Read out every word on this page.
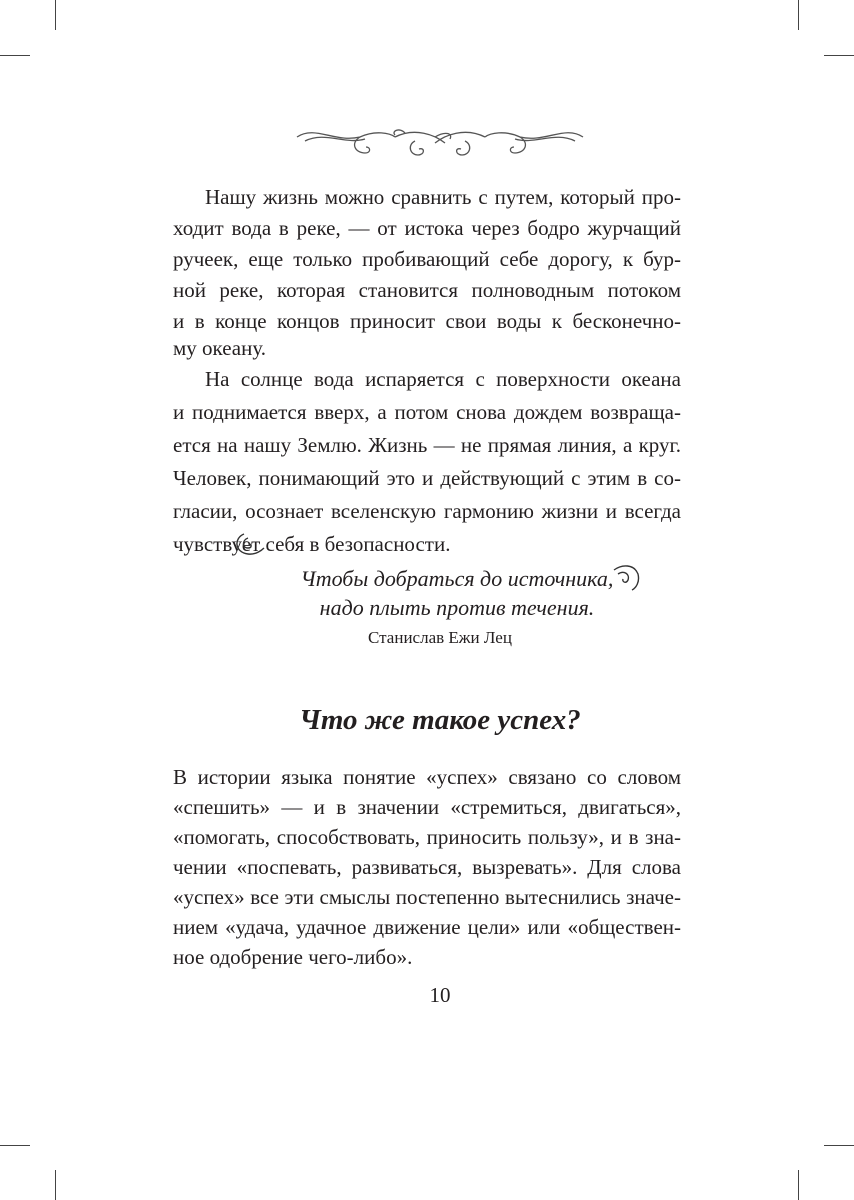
Нашу жизнь можно сравнить с путем, который про-
ходит вода в реке, — от истока через бодро журчащий
ручеек, еще только пробивающий себе дорогу, к бур-
ной реке, которая становится полноводным потоком
и в конце концов приносит свои воды к бесконечно-
му океану.
На солнце вода испаряется с поверхности океана
и поднимается вверх, а потом снова дождем возвраща-
ется на нашу Землю. Жизнь — не прямая линия, а круг.
Человек, понимающий это и действующий с этим в со-
гласии, осознает вселенскую гармонию жизни и всегда
чувствует себя в безопасности.
Чтобы добраться до источника,
надо плыть против течения.
Станислав Ежи Лец
Что же такое успех?
В истории языка понятие «успех» связано со словом
«спешить» — и в значении «стремиться, двигаться»,
«помогать, способствовать, приносить пользу», и в зна-
чении «поспевать, развиваться, вызревать». Для слова
«успех» все эти смыслы постепенно вытеснились значе-
нием «удача, удачное движение цели» или «обществен-
ное одобрение чего-либо».
10
